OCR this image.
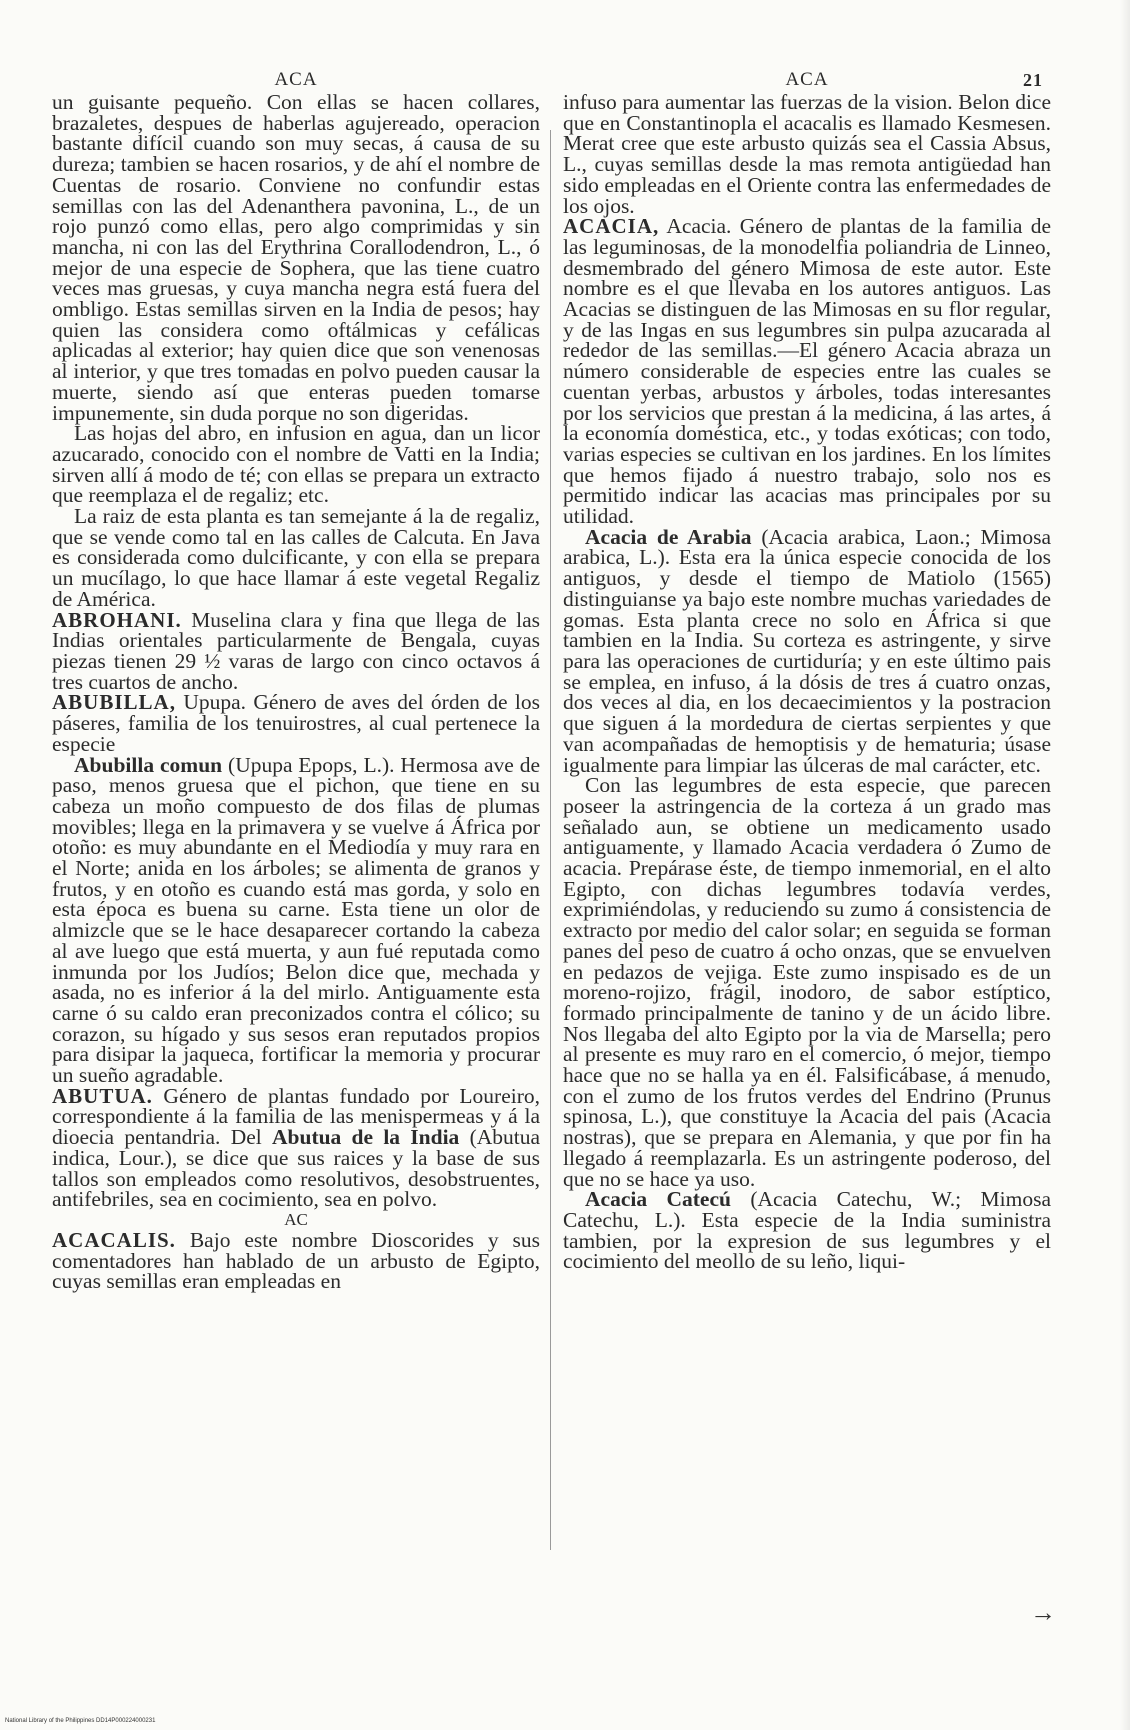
ACA

un guisante pequeño. Con ellas se hacen collares, brazaletes, despues de haberlas agujereado, operacion bastante difícil cuando son muy secas, á causa de su dureza; tambien se hacen rosarios, y de ahí el nombre de Cuentas de rosario. Conviene no confundir estas semillas con las del Adenanthera pavonina, L., de un rojo punzó como ellas, pero algo comprimidas y sin mancha, ni con las del Erythrina Corallodendron, L., ó mejor de una especie de Sophera, que las tiene cuatro veces mas gruesas, y cuya mancha negra está fuera del ombligo. Estas semillas sirven en la India de pesos; hay quien las considera como oftálmicas y cefálicas aplicadas al exterior; hay quien dice que son venenosas al interior, y que tres tomadas en polvo pueden causar la muerte, siendo así que enteras pueden tomarse impunemente, sin duda porque no son digeridas.

Las hojas del abro, en infusion en agua, dan un licor azucarado, conocido con el nombre de Vatti en la India; sirven allí á modo de té; con ellas se prepara un extracto que reemplaza el de regaliz; etc.

La raiz de esta planta es tan semejante á la de regaliz, que se vende como tal en las calles de Calcuta. En Java es considerada como dulcificante, y con ella se prepara un mucílago, lo que hace llamar á este vegetal Regaliz de América.

ABROHANI. Muselina clara y fina que llega de las Indias orientales particularmente de Bengala, cuyas piezas tienen 29 ½ varas de largo con cinco octavos á tres cuartos de ancho.

ABUBILLA, Upupa. Género de aves del órden de los páseres, familia de los tenuirostres, al cual pertenece la especie

Abubilla comun (Upupa Epops, L.). Hermosa ave de paso, menos gruesa que el pichon, que tiene en su cabeza un moño compuesto de dos filas de plumas movibles; llega en la primavera y se vuelve á África por otoño: es muy abundante en el Mediodía y muy rara en el Norte; anida en los árboles; se alimenta de granos y frutos, y en otoño es cuando está mas gorda, y solo en esta época es buena su carne. Esta tiene un olor de almizcle que se le hace desaparecer cortando la cabeza al ave luego que está muerta, y aun fué reputada como inmunda por los Judíos; Belon dice que, mechada y asada, no es inferior á la del mirlo. Antiguamente esta carne ó su caldo eran preconizados contra el cólico; su corazon, su hígado y sus sesos eran reputados propios para disipar la jaqueca, fortificar la memoria y procurar un sueño agradable.

ABUTUA. Género de plantas fundado por Loureiro, correspondiente á la familia de las menispermeas y á la dioecia pentandria. Del Abutua de la India (Abutua indica, Lour.), se dice que sus raices y la base de sus tallos son empleados como resolutivos, desobstruentes, antifebriles, sea en cocimiento, sea en polvo.

AC

ACACALIS. Bajo este nombre Dioscorides y sus comentadores han hablado de un arbusto de Egipto, cuyas semillas eran empleadas en

ACA	21

infuso para aumentar las fuerzas de la vision. Belon dice que en Constantinopla el acacalis es llamado Kesmesen. Merat cree que este arbusto quizás sea el Cassia Absus, L., cuyas semillas desde la mas remota antigüedad han sido empleadas en el Oriente contra las enfermedades de los ojos.

ACACIA, Acacia. Género de plantas de la familia de las leguminosas, de la monodelfia poliandria de Linneo, desmembrado del género Mimosa de este autor. Este nombre es el que llevaba en los autores antiguos. Las Acacias se distinguen de las Mimosas en su flor regular, y de las Ingas en sus legumbres sin pulpa azucarada al rededor de las semillas.—El género Acacia abraza un número considerable de especies entre las cuales se cuentan yerbas, arbustos y árboles, todas interesantes por los servicios que prestan á la medicina, á las artes, á la economía doméstica, etc., y todas exóticas; con todo, varias especies se cultivan en los jardines. En los límites que hemos fijado á nuestro trabajo, solo nos es permitido indicar las acacias mas principales por su utilidad.

Acacia de Arabia (Acacia arabica, Laon.; Mimosa arabica, L.). Esta era la única especie conocida de los antiguos, y desde el tiempo de Matiolo (1565) distinguianse ya bajo este nombre muchas variedades de gomas. Esta planta crece no solo en África si que tambien en la India. Su corteza es astringente, y sirve para las operaciones de curtiduría; y en este último pais se emplea, en infuso, á la dósis de tres á cuatro onzas, dos veces al dia, en los decaecimientos y la postracion que siguen á la mordedura de ciertas serpientes y que van acompañadas de hemoptisis y de hematuria; úsase igualmente para limpiar las úlceras de mal carácter, etc.

Con las legumbres de esta especie, que parecen poseer la astringencia de la corteza á un grado mas señalado aun, se obtiene un medicamento usado antiguamente, y llamado Acacia verdadera ó Zumo de acacia. Prepárase éste, de tiempo inmemorial, en el alto Egipto, con dichas legumbres todavía verdes, exprimiéndolas, y reduciendo su zumo á consistencia de extracto por medio del calor solar; en seguida se forman panes del peso de cuatro á ocho onzas, que se envuelven en pedazos de vejiga. Este zumo inspisado es de un moreno-rojizo, frágil, inodoro, de sabor estíptico, formado principalmente de tanino y de un ácido libre. Nos llegaba del alto Egipto por la via de Marsella; pero al presente es muy raro en el comercio, ó mejor, tiempo hace que no se halla ya en él. Falsificábase, á menudo, con el zumo de los frutos verdes del Endrino (Prunus spinosa, L.), que constituye la Acacia del pais (Acacia nostras), que se prepara en Alemania, y que por fin ha llegado á reemplazarla. Es un astringente poderoso, del que no se hace ya uso.

Acacia Catecú (Acacia Catechu, W.; Mimosa Catechu, L.). Esta especie de la India suministra tambien, por la expresion de sus legumbres y el cocimiento del meollo de su leño, liqui-

→
National Library of the Philippines DD14P000224000231
